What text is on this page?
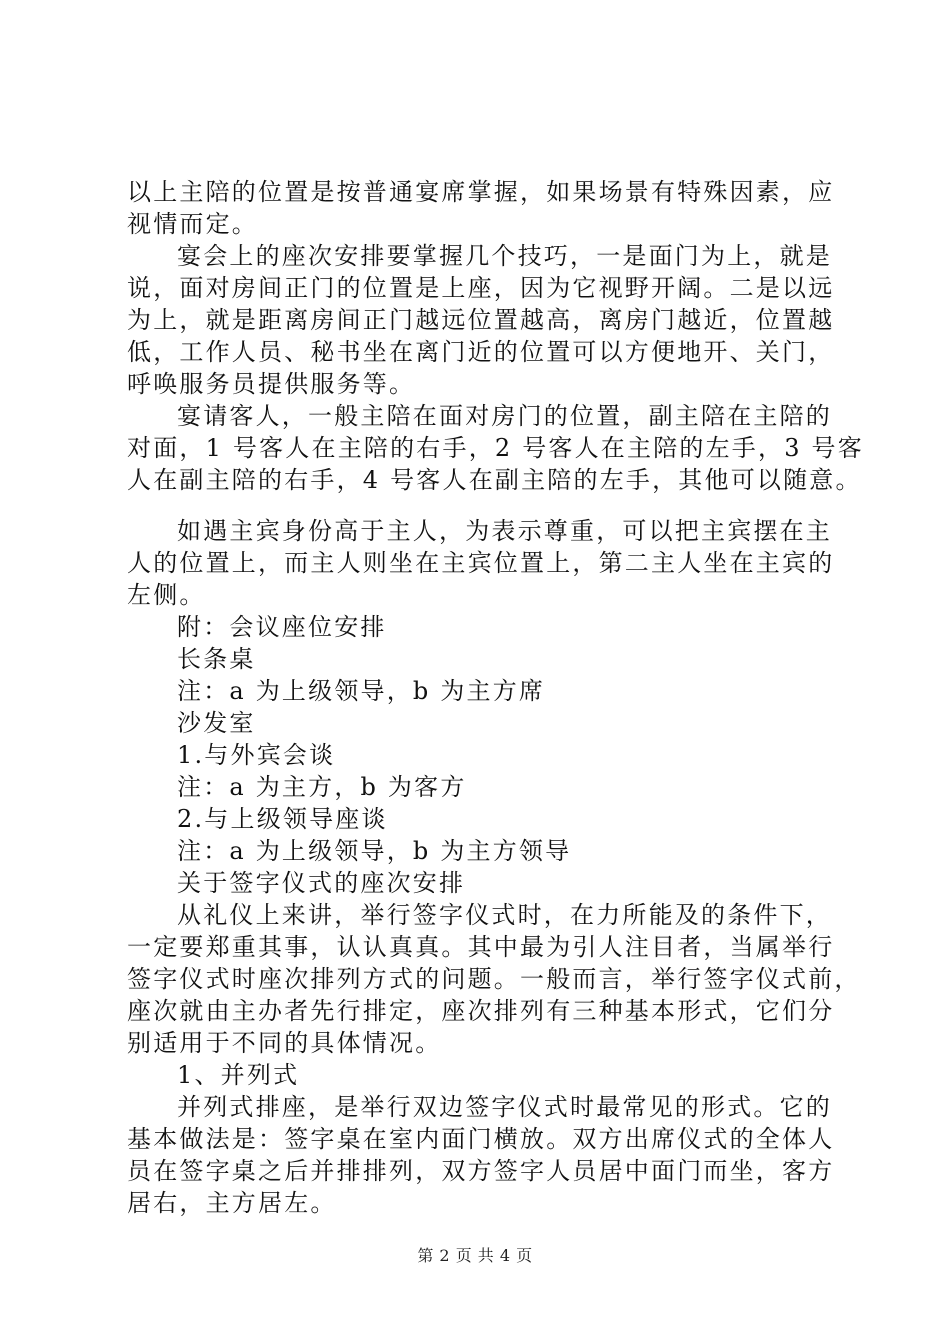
以上主陪的位置是按普通宴席掌握，如果场景有特殊因素，应
视情而定。
宴会上的座次安排要掌握几个技巧，一是面门为上，就是
说，面对房间正门的位置是上座，因为它视野开阔。二是以远
为上，就是距离房间正门越远位置越高，离房门越近，位置越
低，工作人员、秘书坐在离门近的位置可以方便地开、关门，
呼唤服务员提供服务等。
宴请客人，一般主陪在面对房门的位置，副主陪在主陪的
对面，1 号客人在主陪的右手，2 号客人在主陪的左手，3 号客
人在副主陪的右手，4 号客人在副主陪的左手，其他可以随意。
如遇主宾身份高于主人，为表示尊重，可以把主宾摆在主
人的位置上，而主人则坐在主宾位置上，第二主人坐在主宾的
左侧。
附：会议座位安排
长条桌
注：a 为上级领导，b 为主方席
沙发室
1.与外宾会谈
注：a 为主方，b 为客方
2.与上级领导座谈
注：a 为上级领导，b 为主方领导
关于签字仪式的座次安排
从礼仪上来讲，举行签字仪式时，在力所能及的条件下，
一定要郑重其事，认认真真。其中最为引人注目者，当属举行
签字仪式时座次排列方式的问题。一般而言，举行签字仪式前，
座次就由主办者先行排定，座次排列有三种基本形式，它们分
别适用于不同的具体情况。
1、并列式
并列式排座，是举行双边签字仪式时最常见的形式。它的
基本做法是：签字桌在室内面门横放。双方出席仪式的全体人
员在签字桌之后并排排列，双方签字人员居中面门而坐，客方
居右，主方居左。
第 2 页 共 4 页
